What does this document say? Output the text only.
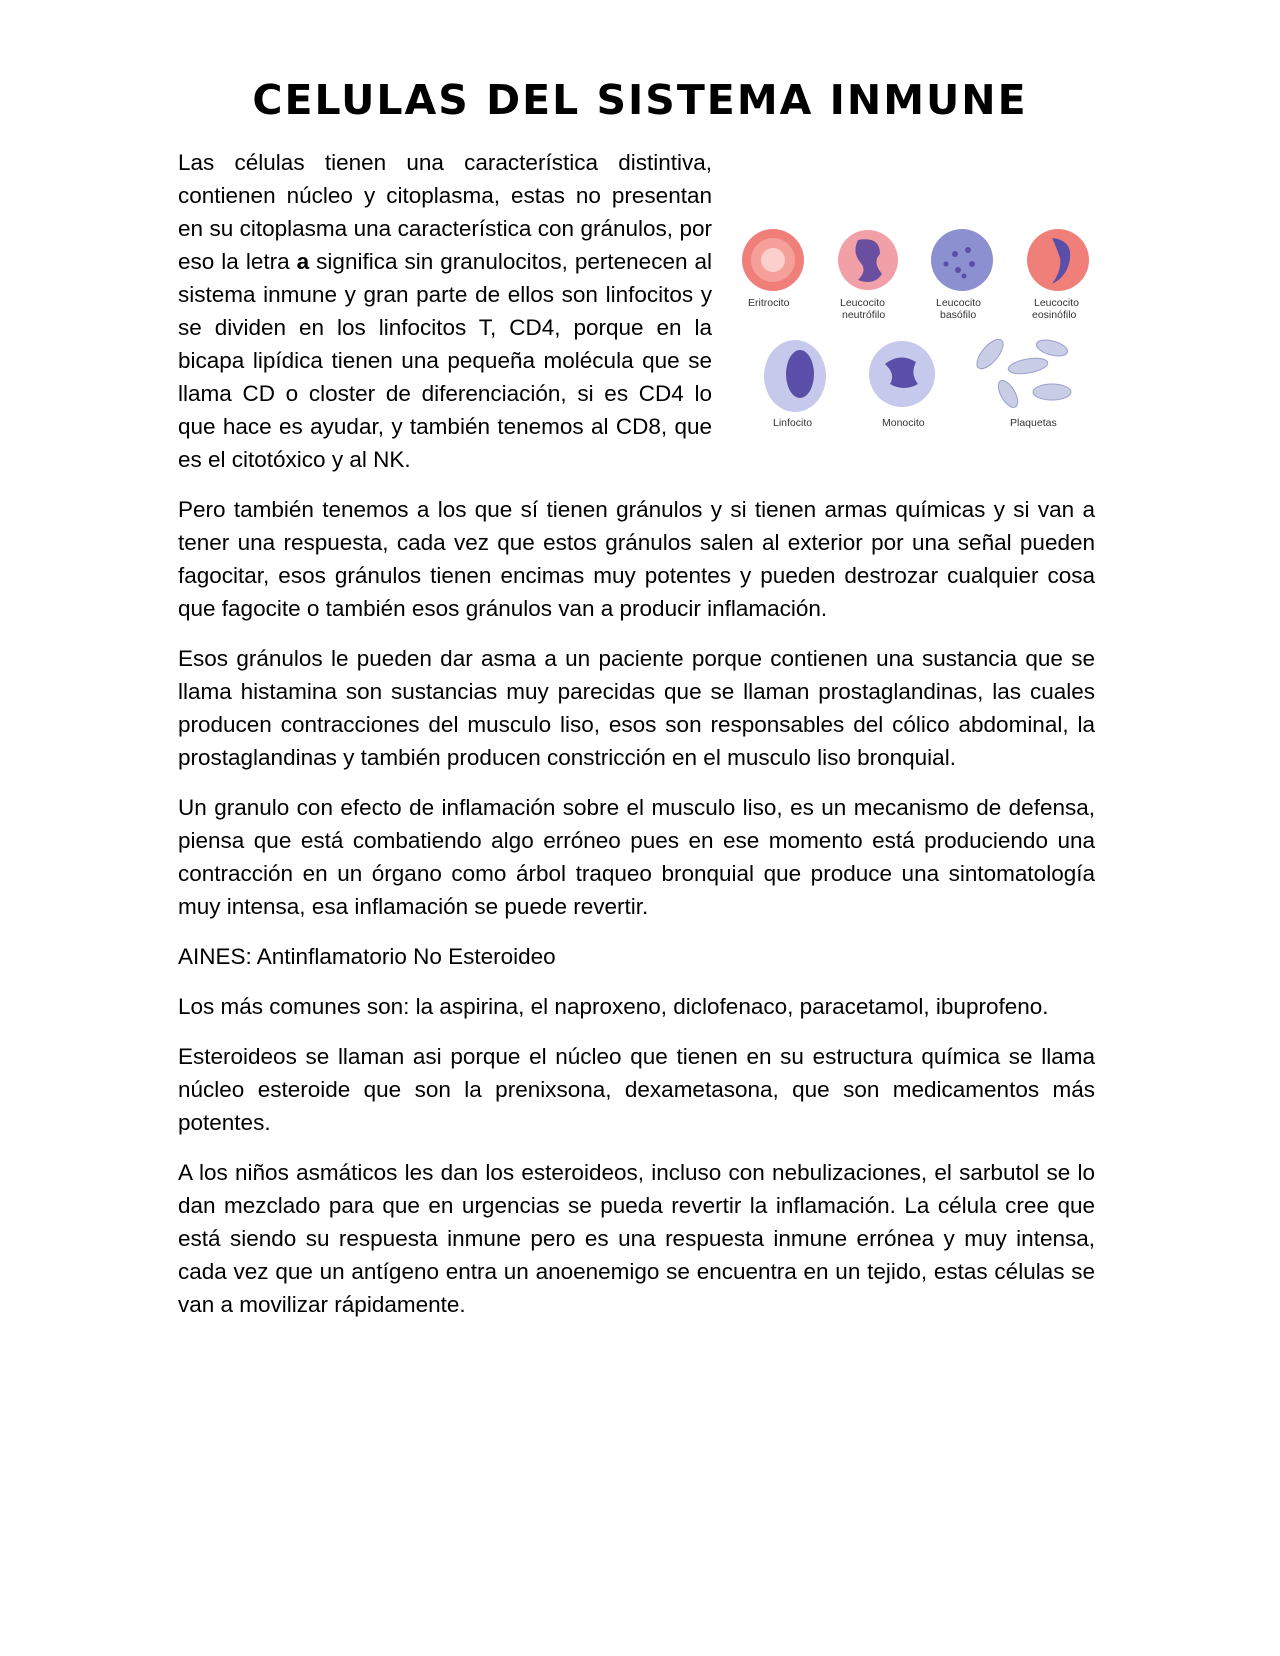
CELULAS DEL SISTEMA INMUNE

Eritrocito	Leucocito
neutrófilo
Leucocito
basófilo
Leucocito
eosinófilo
Linfocito	Monocito	Plaquetas
Las células tienen una característica distintiva, contienen núcleo y citoplasma, estas no presentan en su citoplasma una característica con gránulos, por eso la letra a significa sin granulocitos, pertenecen al sistema inmune y gran parte de ellos son linfocitos y se dividen en los linfocitos T, CD4, porque en la bicapa lipídica tienen una pequeña molécula que se llama CD o closter de diferenciación, si es CD4 lo que hace es ayudar, y también tenemos al CD8, que es el citotóxico y al NK.

Pero también tenemos a los que sí tienen gránulos y si tienen armas químicas y si van a tener una respuesta, cada vez que estos gránulos salen al exterior por una señal pueden fagocitar, esos gránulos tienen encimas muy potentes y pueden destrozar cualquier cosa que fagocite o también esos gránulos van a producir inflamación.

Esos gránulos le pueden dar asma a un paciente porque contienen una sustancia que se llama histamina son sustancias muy parecidas que se llaman prostaglandinas, las cuales producen contracciones del musculo liso, esos son responsables del cólico abdominal, la prostaglandinas y también producen constricción en el musculo liso bronquial.

Un granulo con efecto de inflamación sobre el musculo liso, es un mecanismo de defensa, piensa que está combatiendo algo erróneo pues en ese momento está produciendo una contracción en un órgano como árbol traqueo bronquial que produce una sintomatología muy intensa, esa inflamación se puede revertir.

AINES: Antinflamatorio No Esteroideo

Los más comunes son: la aspirina, el naproxeno, diclofenaco, paracetamol, ibuprofeno.

Esteroideos se llaman asi porque el núcleo que tienen en su estructura química se llama núcleo esteroide que son la prenixsona, dexametasona, que son medicamentos más potentes.

A los niños asmáticos les dan los esteroideos, incluso con nebulizaciones, el sarbutol se lo dan mezclado para que en urgencias se pueda revertir la inflamación. La célula cree que está siendo su respuesta inmune pero es una respuesta inmune errónea y muy intensa, cada vez que un antígeno entra un anoenemigo se encuentra en un tejido, estas células se van a movilizar rápidamente.
